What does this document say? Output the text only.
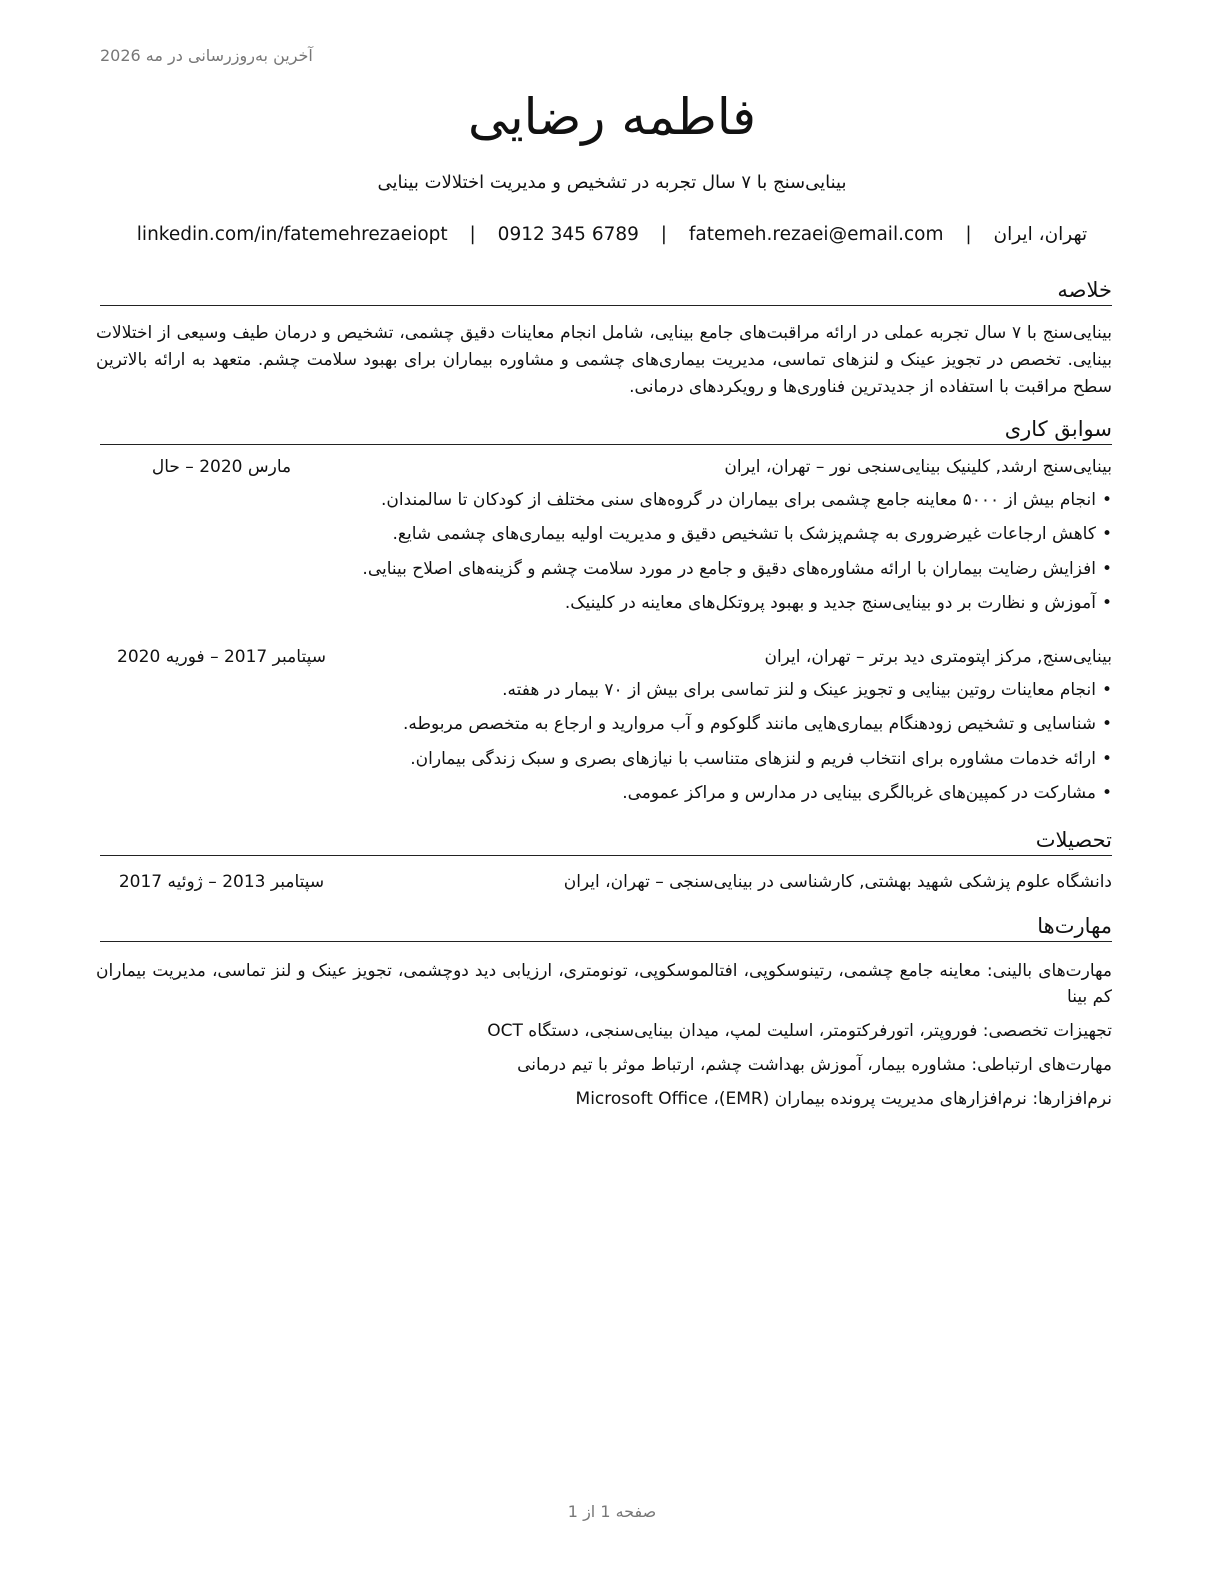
آخرین به‌روزرسانی در مه 2026
فاطمه رضایی
بینایی‌سنج با ۷ سال تجربه در تشخیص و مدیریت اختلالات بینایی
تهران، ایران | fatemeh.rezaei@email.com | 0912 345 6789 | linkedin.com/in/fatemehrezaeiopt
خلاصه
بینایی‌سنج با ۷ سال تجربه عملی در ارائه مراقبت‌های جامع بینایی، شامل انجام معاینات دقیق چشمی، تشخیص و درمان طیف وسیعی از اختلالات بینایی. تخصص در تجویز عینک و لنزهای تماسی، مدیریت بیماری‌های چشمی و مشاوره بیماران برای بهبود سلامت چشم. متعهد به ارائه بالاترین سطح مراقبت با استفاده از جدیدترین فناوری‌ها و رویکردهای درمانی.
سوابق کاری
بینایی‌سنج ارشد, کلینیک بینایی‌سنجی نور – تهران، ایران
مارس 2020 – حال
•انجام بیش از ۵۰۰۰ معاینه جامع چشمی برای بیماران در گروه‌های سنی مختلف از کودکان تا سالمندان.
•کاهش ارجاعات غیرضروری به چشم‌پزشک با تشخیص دقیق و مدیریت اولیه بیماری‌های چشمی شایع.
•افزایش رضایت بیماران با ارائه مشاوره‌های دقیق و جامع در مورد سلامت چشم و گزینه‌های اصلاح بینایی.
•آموزش و نظارت بر دو بینایی‌سنج جدید و بهبود پروتکل‌های معاینه در کلینیک.
بینایی‌سنج, مرکز اپتومتری دید برتر – تهران، ایران
سپتامبر 2017 – فوریه 2020
•انجام معاینات روتین بینایی و تجویز عینک و لنز تماسی برای بیش از ۷۰ بیمار در هفته.
•شناسایی و تشخیص زودهنگام بیماری‌هایی مانند گلوکوم و آب مروارید و ارجاع به متخصص مربوطه.
•ارائه خدمات مشاوره برای انتخاب فریم و لنزهای متناسب با نیازهای بصری و سبک زندگی بیماران.
•مشارکت در کمپین‌های غربالگری بینایی در مدارس و مراکز عمومی.
تحصیلات
دانشگاه علوم پزشکی شهید بهشتی, کارشناسی در بینایی‌سنجی – تهران، ایران
سپتامبر 2013 – ژوئیه 2017
مهارت‌ها
مهارت‌های بالینی: معاینه جامع چشمی، رتینوسکوپی، افتالموسکوپی، تونومتری، ارزیابی دید دوچشمی، تجویز عینک و لنز تماسی، مدیریت بیماران کم بینا
تجهیزات تخصصی: فوروپتر، اتورفرکتومتر، اسلیت لمپ، میدان بینایی‌سنجی، دستگاه OCT
مهارت‌های ارتباطی: مشاوره بیمار، آموزش بهداشت چشم، ارتباط موثر با تیم درمانی
نرم‌افزارها: نرم‌افزارهای مدیریت پرونده بیماران (EMR)، Microsoft Office
صفحه 1 از 1
